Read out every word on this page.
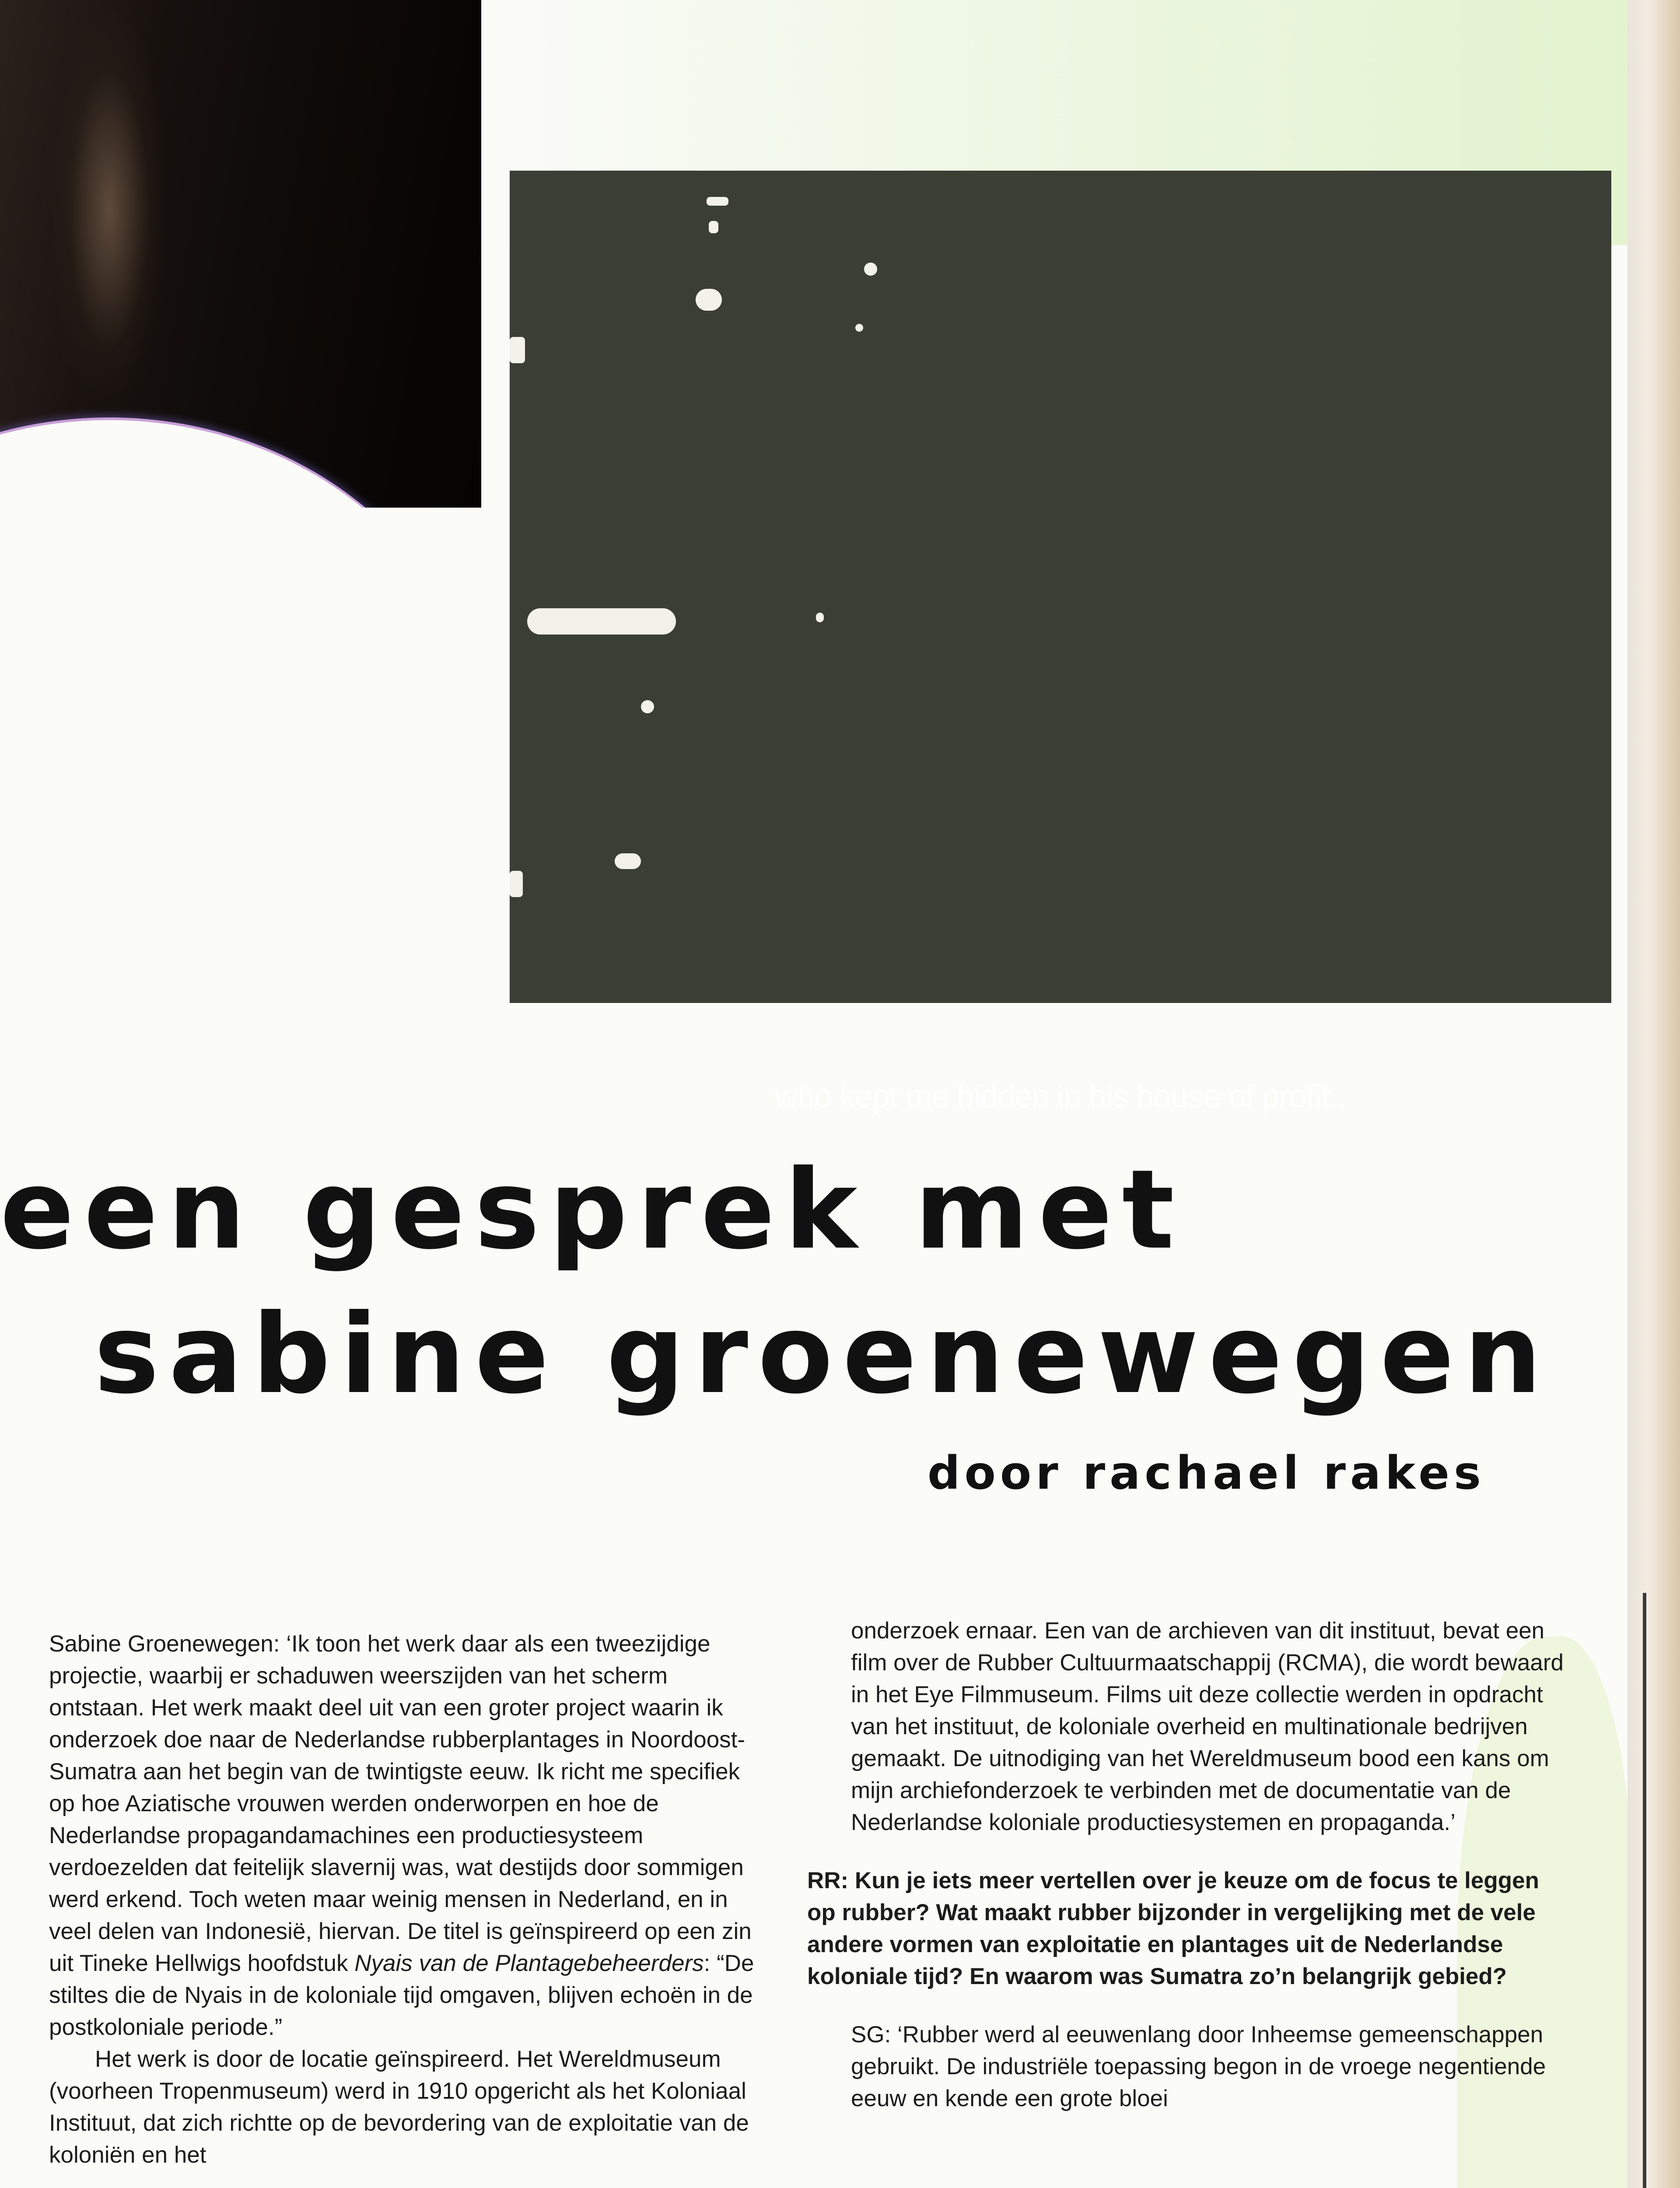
who kept me hidden in his house of profit..
een gesprek met
sabine groenewegen
door rachael rakes

Sabine Groenewegen: ‘Ik toon het werk daar als een tweezijdige projectie, waarbij er schaduwen weerszijden van het scherm ontstaan. Het werk maakt deel uit van een groter project waarin ik onderzoek doe naar de Nederlandse rubberplantages in Noordoost-Sumatra aan het begin van de twintigste eeuw. Ik richt me specifiek op hoe Aziatische vrouwen werden onderworpen en hoe de Nederlandse propagandamachines een productiesysteem verdoezelden dat feitelijk slavernij was, wat destijds door sommigen werd erkend. Toch weten maar weinig mensen in Nederland, en in veel delen van Indonesië, hiervan. De titel is geïnspireerd op een zin uit Tineke Hellwigs hoofdstuk Nyais van de Plantagebeheerders: “De stiltes die de Nyais in de koloniale tijd omgaven, blijven echoën in de postkoloniale periode.”

Het werk is door de locatie geïnspireerd. Het Wereldmuseum (voorheen Tropenmuseum) werd in 1910 opgericht als het Koloniaal Instituut, dat zich richtte op de bevordering van de exploitatie van de koloniën en het

onderzoek ernaar. Een van de archieven van dit instituut, bevat een film over de Rubber Cultuurmaatschappij (RCMA), die wordt bewaard in het Eye Filmmuseum. Films uit deze collectie werden in opdracht van het instituut, de koloniale overheid en multinationale bedrijven gemaakt. De uitnodiging van het Wereldmuseum bood een kans om mijn archiefonderzoek te verbinden met de documentatie van de Nederlandse koloniale productiesystemen en propaganda.’

RR: Kun je iets meer vertellen over je keuze om de focus te leggen op rubber? Wat maakt rubber bijzonder in vergelijking met de vele andere vormen van exploitatie en plantages uit de Nederlandse koloniale tijd? En waarom was Sumatra zo’n belangrijk gebied?

SG: ‘Rubber werd al eeuwenlang door Inheemse gemeenschappen gebruikt. De industriële toepassing begon in de vroege negentiende eeuw en kende een grote bloei
